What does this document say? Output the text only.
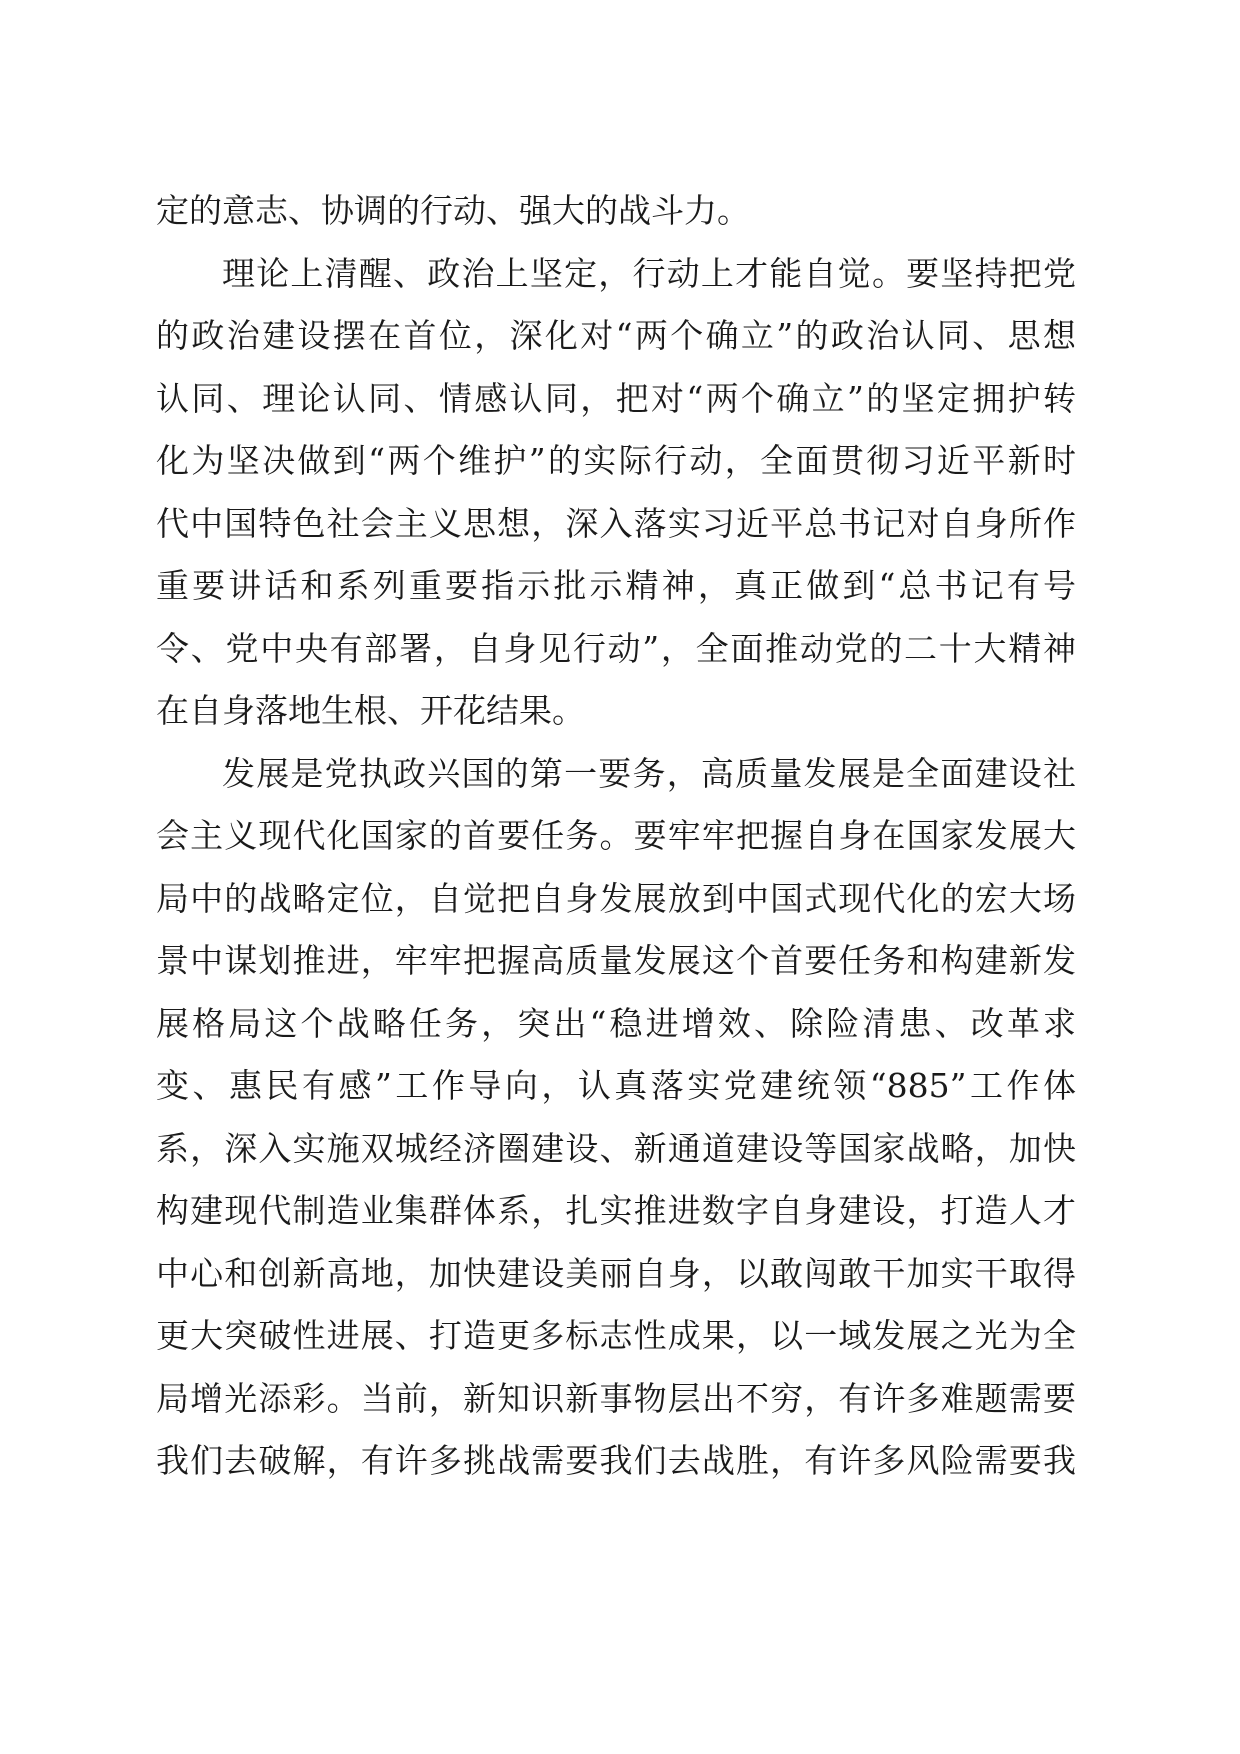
定的意志、协调的行动、强大的战斗力。
理论上清醒、政治上坚定，行动上才能自觉。要坚持把党
的政治建设摆在首位，深化对“两个确立”的政治认同、思想
认同、理论认同、情感认同，把对“两个确立”的坚定拥护转
化为坚决做到“两个维护”的实际行动，全面贯彻习近平新时
代中国特色社会主义思想，深入落实习近平总书记对自身所作
重要讲话和系列重要指示批示精神，真正做到“总书记有号
令、党中央有部署，自身见行动”，全面推动党的二十大精神
在自身落地生根、开花结果。
发展是党执政兴国的第一要务，高质量发展是全面建设社
会主义现代化国家的首要任务。要牢牢把握自身在国家发展大
局中的战略定位，自觉把自身发展放到中国式现代化的宏大场
景中谋划推进，牢牢把握高质量发展这个首要任务和构建新发
展格局这个战略任务，突出“稳进增效、除险清患、改革求
变、惠民有感”工作导向，认真落实党建统领“885”工作体
系，深入实施双城经济圈建设、新通道建设等国家战略，加快
构建现代制造业集群体系，扎实推进数字自身建设，打造人才
中心和创新高地，加快建设美丽自身，以敢闯敢干加实干取得
更大突破性进展、打造更多标志性成果，以一域发展之光为全
局增光添彩。当前，新知识新事物层出不穷，有许多难题需要
我们去破解，有许多挑战需要我们去战胜，有许多风险需要我
